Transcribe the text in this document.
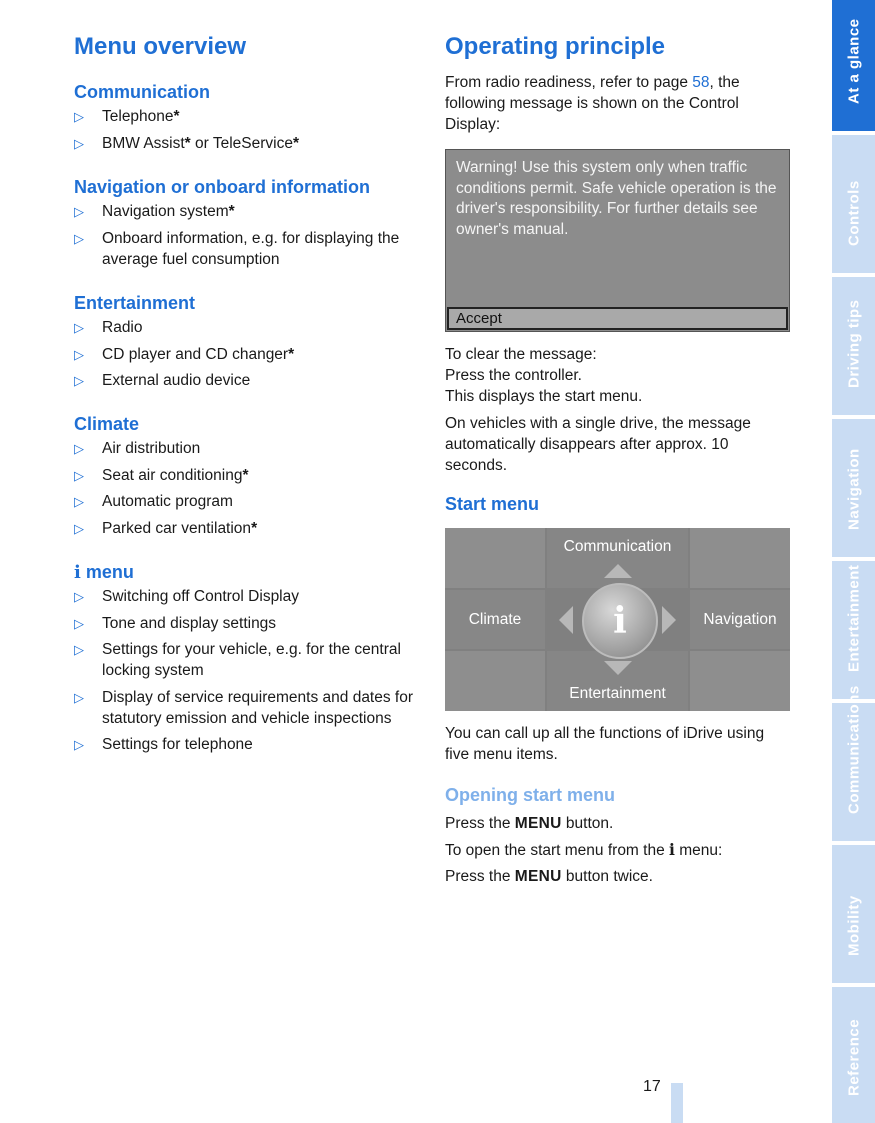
Menu overview
Communication
▷ Telephone*
▷ BMW Assist* or TeleService*
Navigation or onboard information
▷ Navigation system*
▷ Onboard information, e.g. for displaying the average fuel consumption
Entertainment
▷ Radio
▷ CD player and CD changer*
▷ External audio device
Climate
▷ Air distribution
▷ Seat air conditioning*
▷ Automatic program
▷ Parked car ventilation*
i menu
▷ Switching off Control Display
▷ Tone and display settings
▷ Settings for your vehicle, e.g. for the central locking system
▷ Display of service requirements and dates for statutory emission and vehicle inspections
▷ Settings for telephone
Operating principle

From radio readiness, refer to page 58, the following message is shown on the Control Display:

Warning! Use this system only when traffic conditions permit. Safe vehicle operation is the driver's responsibility. For further details see owner's manual.
Accept

To clear the message:

Press the controller.

This displays the start menu.

On vehicles with a single drive, the message automatically disappears after approx. 10 seconds.

Start menu
Communication
Climate	Navigation
Entertainment
i

You can call up all the functions of iDrive using five menu items.

Opening start menu

Press the MENU button.

To open the start menu from the i menu:

Press the MENU button twice.

At a glance
Controls
Driving tips
Navigation
Entertainment
Communications
Mobility
Reference
17
